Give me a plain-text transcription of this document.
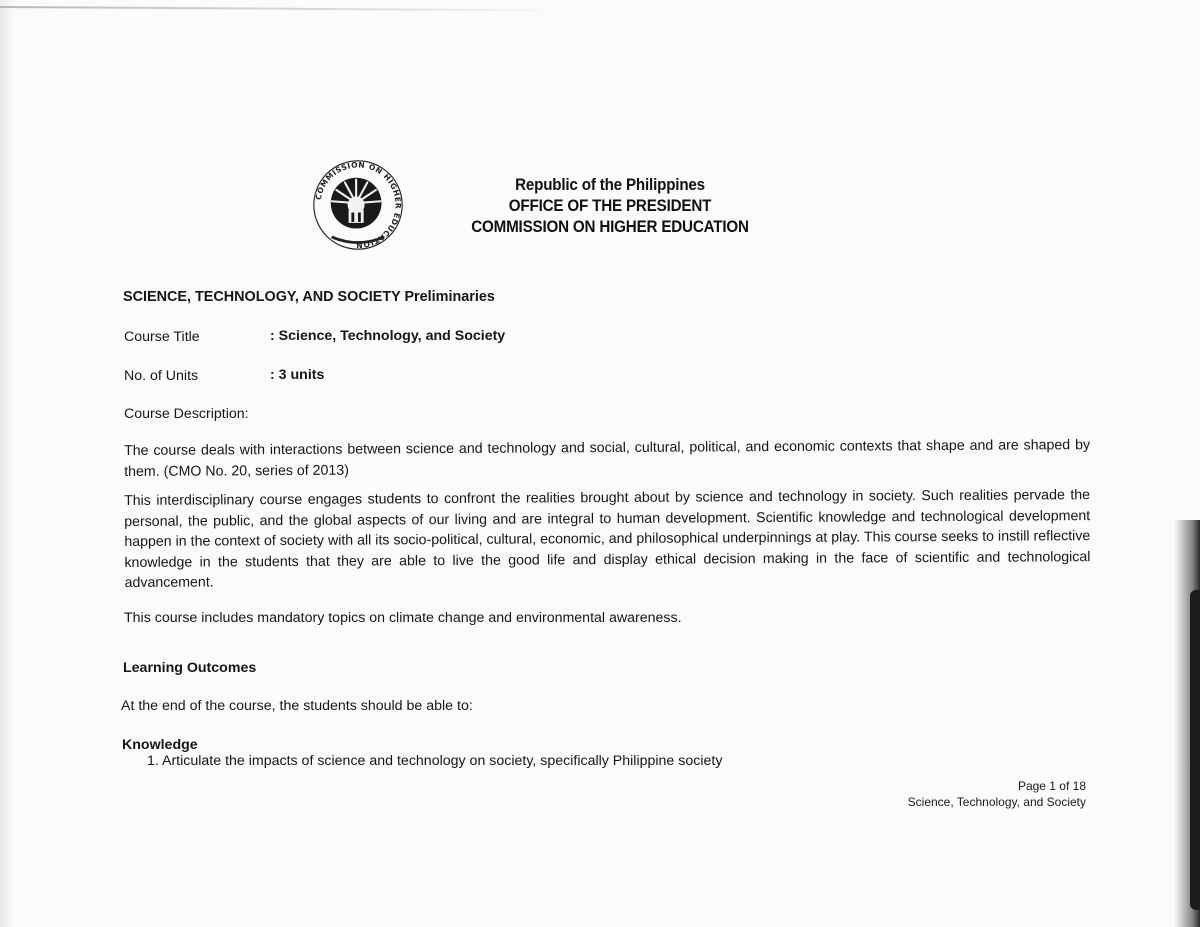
COMMISSION ON HIGHER EDUCATION
Republic of the Philippines
OFFICE OF THE PRESIDENT
COMMISSION ON HIGHER EDUCATION
SCIENCE, TECHNOLOGY, AND SOCIETY Preliminaries
Course Title	: Science, Technology, and Society
No. of Units	: 3 units
Course Description:
The course deals with interactions between science and technology and social, cultural, political, and economic contexts that shape and are shaped by them. (CMO No. 20, series of 2013)
This interdisciplinary course engages students to confront the realities brought about by science and technology in society. Such realities pervade the personal, the public, and the global aspects of our living and are integral to human development. Scientific knowledge and technological development happen in the context of society with all its socio-political, cultural, economic, and philosophical underpinnings at play. This course seeks to instill reflective knowledge in the students that they are able to live the good life and display ethical decision making in the face of scientific and technological advancement.
This course includes mandatory topics on climate change and environmental awareness.
Learning Outcomes
At the end of the course, the students should be able to:
Knowledge
1. Articulate the impacts of science and technology on society, specifically Philippine society
Page 1 of 18
Science, Technology, and Society
